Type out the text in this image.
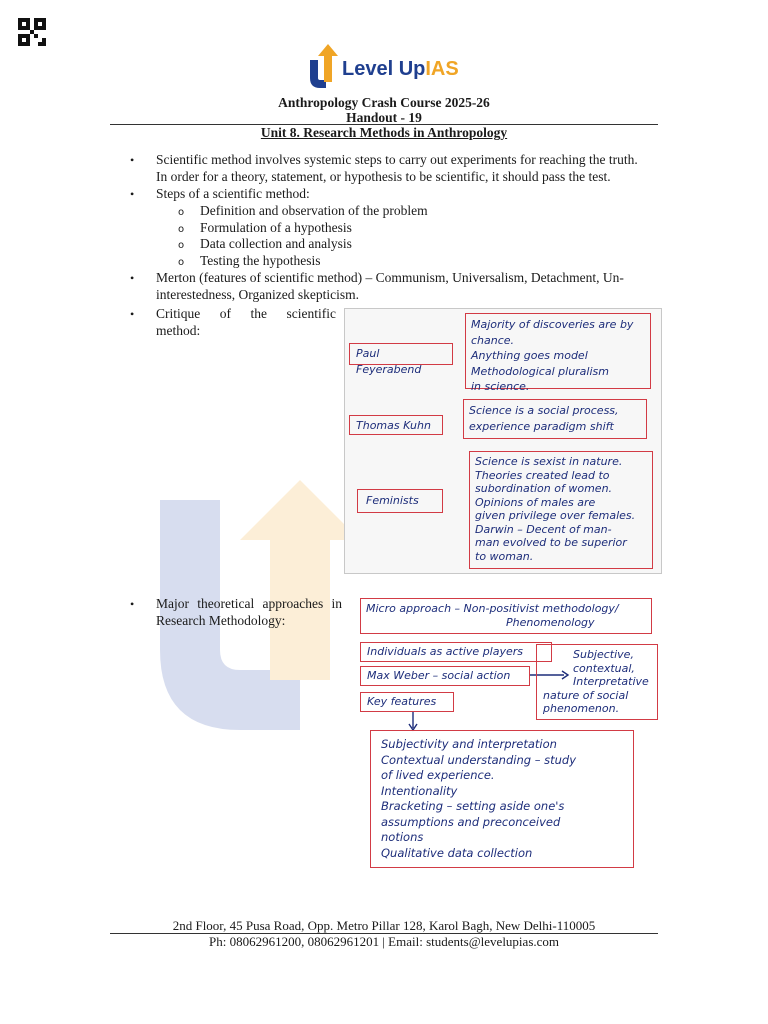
Level UpIAS
Anthropology Crash Course 2025-26
Handout - 19
Unit 8. Research Methods in Anthropology
• Scientific method involves systemic steps to carry out experiments for reaching the truth.
In order for a theory, statement, or hypothesis to be scientific, it should pass the test.
• Steps of a scientific method:
o Definition and observation of the problem
o Formulation of a hypothesis
o Data collection and analysis
o Testing the hypothesis
• Merton (features of scientific method) – Communism, Universalism, Detachment, Un-
interestedness, Organized skepticism.
• Critique of the scientific
method:
• Major theoretical approaches in
Research Methodology:
Paul Feyerabend
Majority of discoveries are by
chance.
Anything goes model
Methodological pluralism
in science.
Thomas Kuhn
Science is a social process,
experience paradigm shift
Feminists
Science is sexist in nature.
Theories created lead to
subordination of women.
Opinions of males are
given privilege over females.
Darwin – Decent of man-
man evolved to be superior
to woman.
Micro approach – Non-positivist methodology/
Phenomenology
Individuals as active players
Max Weber – social action
Subjective,
contextual,
Interpretative
nature of social
phenomenon.
Key features
Subjectivity and interpretation
Contextual understanding – study
of lived experience.
Intentionality
Bracketing – setting aside one's
assumptions and preconceived
notions
Qualitative data collection
2nd Floor, 45 Pusa Road, Opp. Metro Pillar 128, Karol Bagh, New Delhi-110005
Ph: 08062961200, 08062961201 | Email: students@levelupias.com
